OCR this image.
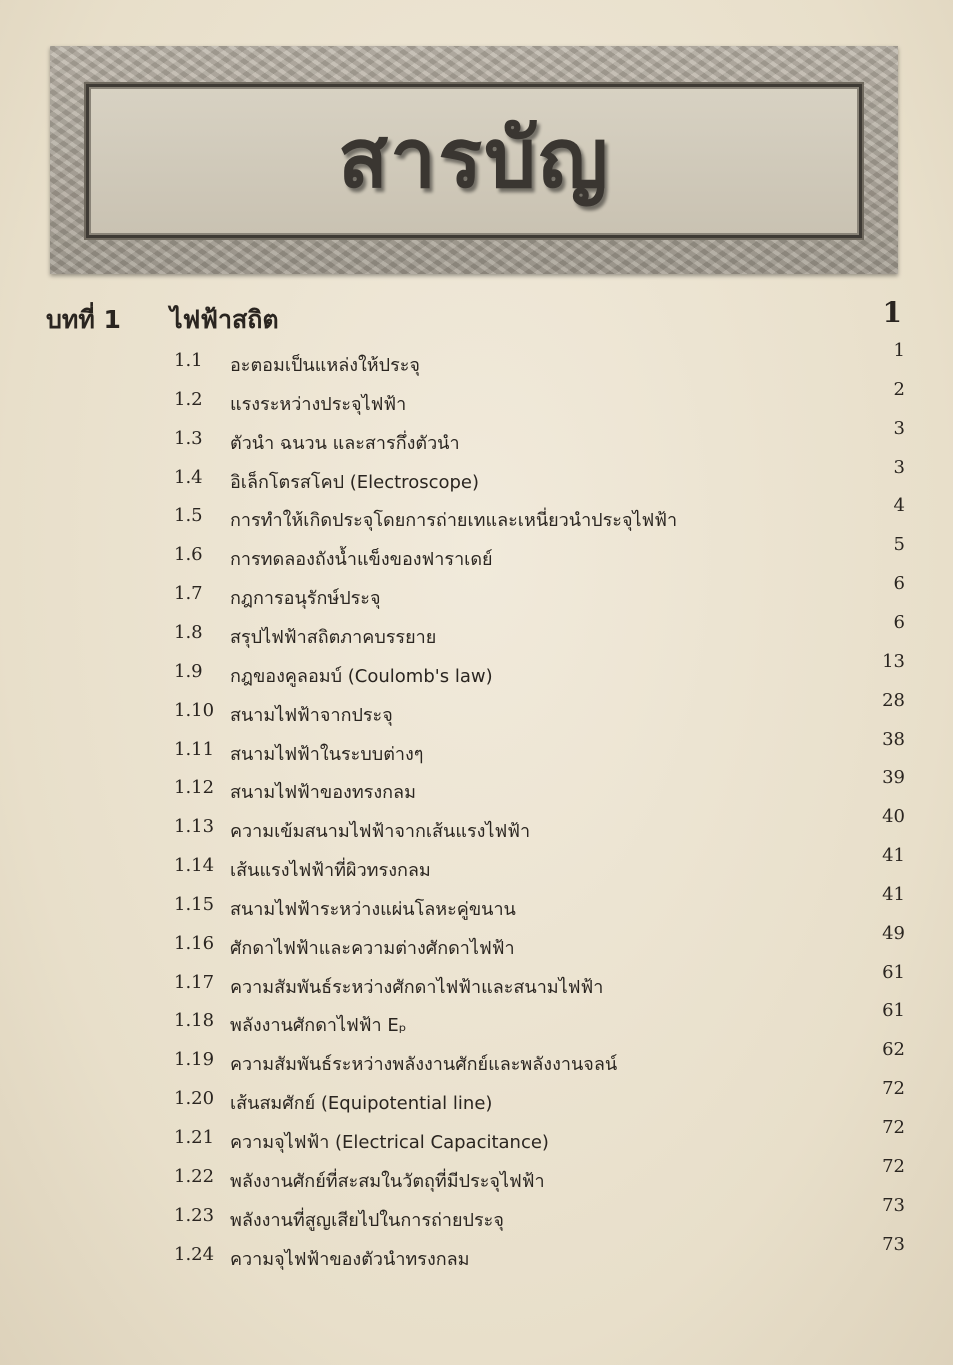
สารบัญ
บทที่ 1 ไฟฟ้าสถิต	1
1.1 อะตอมเป็นแหล่งให้ประจุ
1
1.2 แรงระหว่างประจุไฟฟ้า
2
1.3 ตัวนำ ฉนวน และสารกึ่งตัวนำ
3
1.4 อิเล็กโตรสโคป (Electroscope)
3
1.5 การทำให้เกิดประจุโดยการถ่ายเทและเหนี่ยวนำประจุไฟฟ้า
4
1.6 การทดลองถังน้ำแข็งของฟาราเดย์
5
1.7 กฎการอนุรักษ์ประจุ
6
1.8 สรุปไฟฟ้าสถิตภาคบรรยาย
6
1.9 กฎของคูลอมบ์ (Coulomb's law)
13
1.10 สนามไฟฟ้าจากประจุ
28
1.11 สนามไฟฟ้าในระบบต่างๆ
38
1.12 สนามไฟฟ้าของทรงกลม
39
1.13 ความเข้มสนามไฟฟ้าจากเส้นแรงไฟฟ้า
40
1.14 เส้นแรงไฟฟ้าที่ผิวทรงกลม
41
1.15 สนามไฟฟ้าระหว่างแผ่นโลหะคู่ขนาน
41
1.16 ศักดาไฟฟ้าและความต่างศักดาไฟฟ้า
49
1.17 ความสัมพันธ์ระหว่างศักดาไฟฟ้าและสนามไฟฟ้า
61
1.18 พลังงานศักดาไฟฟ้า Eₚ
61
1.19 ความสัมพันธ์ระหว่างพลังงานศักย์และพลังงานจลน์
62
1.20 เส้นสมศักย์ (Equipotential line)
72
1.21 ความจุไฟฟ้า (Electrical Capacitance)
72
1.22 พลังงานศักย์ที่สะสมในวัตถุที่มีประจุไฟฟ้า
72
1.23 พลังงานที่สูญเสียไปในการถ่ายประจุ
73
1.24 ความจุไฟฟ้าของตัวนำทรงกลม
73
